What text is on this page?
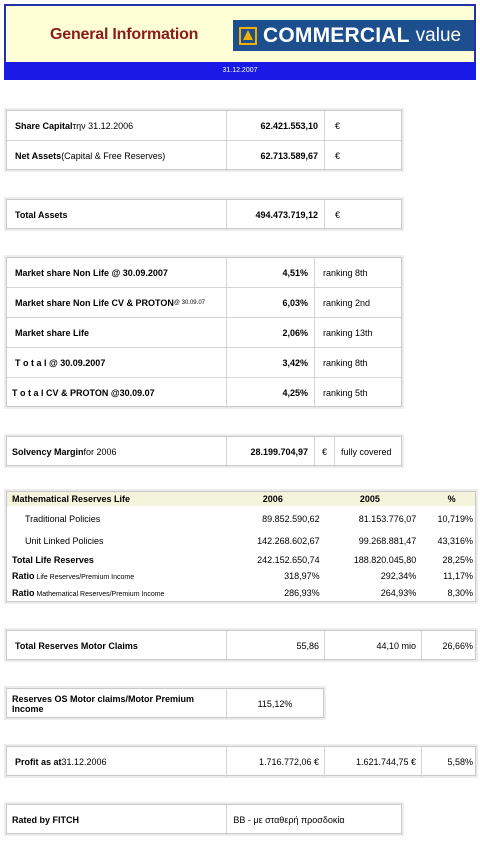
General Information	COMMERCIAL value
31.12.2007
Share Capital την 31.12.2006	62.421.553,10	€
Net Assets (Capital & Free Reserves)	62.713.589,67	€
Total Assets	494.473.719,12	€
Market share Non Life @ 30.09.2007	4,51%	ranking 8th
Market share Non Life CV & PROTON @ 30.09.07	6,03%	ranking 2nd
Market share Life	2,06%	ranking 13th
T o t a l @ 30.09.2007	3,42%	ranking 8th
T o t a l CV & PROTON @30.09.07	4,25%	ranking 5th
Solvency Margin for 2006	28.199.704,97	€	fully covered
Mathematical Reserves Life	2006	2005	%
Traditional Policies	89.852.590,62	81.153.776,07	10,719%
Unit Linked Policies	142.268.602,67	99.268.881,47	43,316%
Total Life Reserves	242.152.650,74	188.820.045,80	28,25%
Ratio Life Reserves/Premium Income	318,97%	292,34%	11,17%
Ratio Mathematical Reserves/Premium Income	286,93%	264,93%	8,30%
Total Reserves Motor Claims	55,86	44,10 mio	26,66%
Reserves OS Motor claims/Motor Premium Income	115,12%
Profit as at 31.12.2006	1.716.772,06 €	1.621.744,75 €	5,58%
Rated by FITCH	BB - με σταθερή προσδοκία
